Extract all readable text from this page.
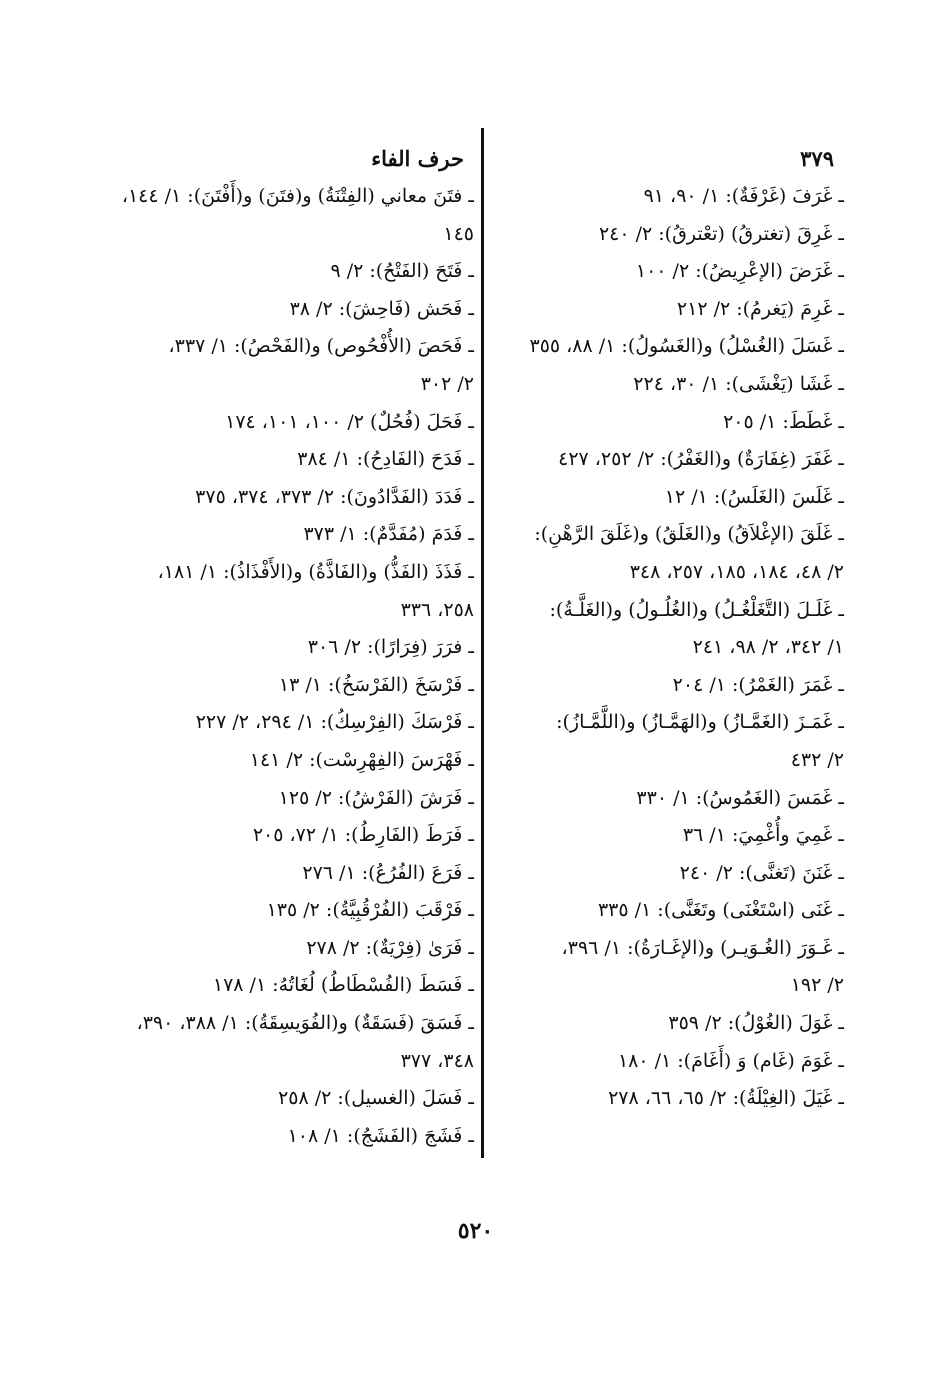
٣٧٩
ـ غَرَفَ (غَرْفَةٌ): ١/ ٩٠، ٩١
ـ غَرِقَ (تغترقُ) (تعْترقُ): ٢/ ٢٤٠
ـ غَرَضَ (الإعْرِيضُ): ٢/ ١٠٠
ـ غَرِمَ (يَغرمُ): ٢/ ٢١٢
ـ غَسَلَ (الغُسْلُ) و(الغَسُولُ): ١/ ٨٨، ٣٥٥
ـ غَشَا (يَغْشَى): ١/ ٣٠، ٢٢٤
ـ غَطَطَ: ١/ ٢٠٥
ـ غَفَرَ (غِفَارَةٌ) و(الغَفْرُ): ٢/ ٢٥٢، ٤٢٧
ـ غَلَسَ (الغَلَسُ): ١/ ١٢
ـ غَلَقَ (الإغْلاَقُ) و(الغَلَقُ) و(غَلَقَ الرَّهْنِ):
٢/ ٤٨، ١٨٤، ١٨٥، ٢٥٧، ٣٤٨
ـ غَلَـلَ (التَّغَلْغُـلُ) و(الغُلُـولُ) و(الغَلَّـةُ):
١/ ٣٤٢، ٢/ ٩٨، ٢٤١
ـ غَمَرَ (الغَمْرُ): ١/ ٢٠٤
ـ غَمَـزَ (الغَمَّـازُ) و(الهَمَّـازُ) و(اللَّمَّـازُ):
٢/ ٤٣٢
ـ غَمَسَ (الغَمُوسُ): ١/ ٣٣٠
ـ غَمِيَ وأُغْمِيَ: ١/ ٣٦
ـ غَنَنَ (تَغنَّى): ٢/ ٢٤٠
ـ غَنَى (اسْتَغْنَى) وتَغَنَّى): ١/ ٣٣٥
ـ غَـوَرَ (الغُـوَيـر) و(الإغَـارَةُ): ١/ ٣٩٦،
٢/ ١٩٢
ـ غَوَلَ (الغُوْلُ): ٢/ ٣٥٩
ـ غَوَمَ (غَام) وَ (أَغَامَ): ١/ ١٨٠
ـ غَيَلَ (الغِيْلَةُ): ٢/ ٦٥، ٦٦، ٢٧٨
حرف الفاء
ـ فتَنَ معاني (الفِتْنَةُ) و(فتَنَ) و(أَفْتَنَ): ١/ ١٤٤،
١٤٥
ـ فَتَحَ (الفَتْحُ): ٢/ ٩
ـ فَحَش (فَاحِشَ): ٢/ ٣٨
ـ فَحَصَ (الأُفْحُوص) و(الفَحْصُ): ١/ ٣٣٧،
٢/ ٣٠٢
ـ فَحَلَ (فُحُلٌ) ٢/ ١٠٠، ١٠١، ١٧٤
ـ فَدَحَ (الفَادِحُ): ١/ ٣٨٤
ـ فَدَدَ (الفَدَّادُونَ): ٢/ ٣٧٣، ٣٧٤، ٣٧٥
ـ فَدَمَ (مُفَدَّمٌ): ١/ ٣٧٣
ـ فَذَذَ (الفَذُّ) و(الفَاذَّةُ) و(الأَفْذَاذُ): ١/ ١٨١،
٢٥٨، ٣٣٦
ـ فرَرَ (فِرَارًا): ٢/ ٣٠٦
ـ فَرْسَخَ (الفَرْسَخُ): ١/ ١٣
ـ فَرْسَكَ (الفِرْسِكُ): ١/ ٢٩٤، ٢/ ٢٢٧
ـ فَهْرَسَ (الفِهْرِسْت): ٢/ ١٤١
ـ فَرَشَ (الفَرْشُ): ٢/ ١٢٥
ـ فَرَطَ (الفَارِطُ): ١/ ٧٢، ٢٠٥
ـ فَرَعَ (الفُرُعُ): ١/ ٢٧٦
ـ فَرْقَبَ (الفُرْقُبِيَّةُ): ٢/ ١٣٥
ـ فَرَىٰ (فِرْيَةٌ): ٢/ ٢٧٨
ـ فَسَطَ (الفُسْطَاطُ) لُغَاتُهُ: ١/ ١٧٨
ـ فَسَقَ (فَسَقَةٌ) و(الفُوَيسِقَةُ): ١/ ٣٨٨، ٣٩٠،
٣٤٨، ٣٧٧
ـ فَسَلَ (الغسيل): ٢/ ٢٥٨
ـ فَشَجَ (الفَشَجُ): ١/ ١٠٨
٥٢٠
